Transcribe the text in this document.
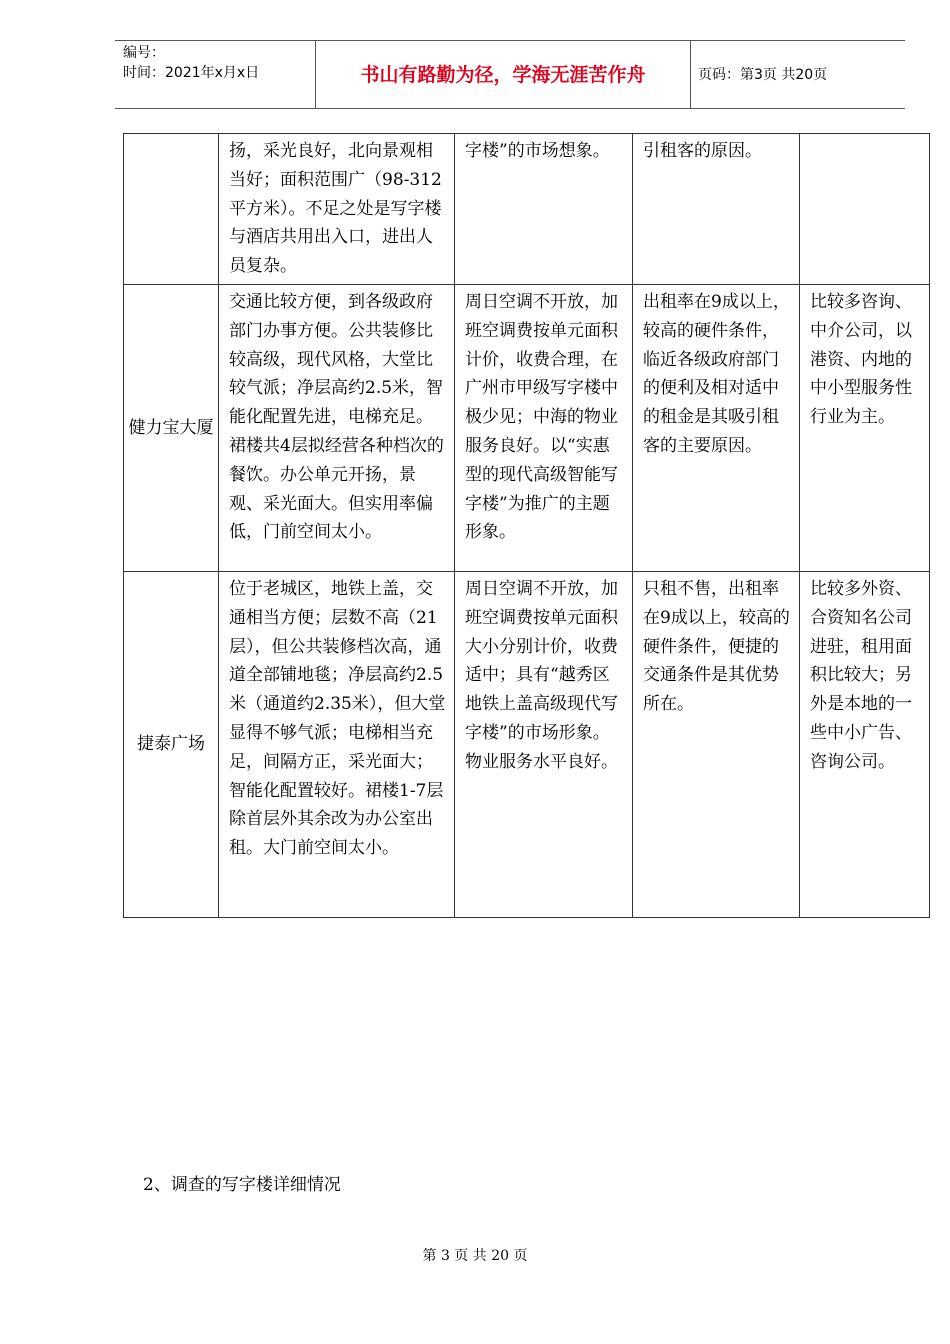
编号：
时间：2021年x月x日	书山有路勤为径，学海无涯苦作舟	页码：第3页 共20页
	扬，采光良好，北向景观相当好；面积范围广（98-312平方米）。不足之处是写字楼与酒店共用出入口，进出人员复杂。	字楼”的市场想象。	引租客的原因。	
健力宝大厦	交通比较方便，到各级政府部门办事方便。公共装修比较高级，现代风格，大堂比较气派；净层高约2.5米，智能化配置先进，电梯充足。裙楼共4层拟经营各种档次的餐饮。办公单元开扬，景观、采光面大。但实用率偏低，门前空间太小。	周日空调不开放，加班空调费按单元面积计价，收费合理，在广州市甲级写字楼中极少见；中海的物业服务良好。以“实惠型的现代高级智能写字楼”为推广的主题形象。	出租率在9成以上，较高的硬件条件，临近各级政府部门的便利及相对适中的租金是其吸引租客的主要原因。	比较多咨询、中介公司，以港资、内地的中小型服务性行业为主。
捷泰广场	位于老城区，地铁上盖，交通相当方便；层数不高（21层），但公共装修档次高，通道全部铺地毯；净层高约2.5米（通道约2.35米），但大堂显得不够气派；电梯相当充足，间隔方正，采光面大；智能化配置较好。裙楼1-7层除首层外其余改为办公室出租。大门前空间太小。	周日空调不开放，加班空调费按单元面积大小分别计价，收费适中；具有“越秀区地铁上盖高级现代写字楼”的市场形象。物业服务水平良好。	只租不售，出租率在9成以上，较高的硬件条件，便捷的交通条件是其优势所在。	比较多外资、合资知名公司进驻，租用面积比较大；另外是本地的一些中小广告、咨询公司。
2、调查的写字楼详细情况
第 3 页 共 20 页
